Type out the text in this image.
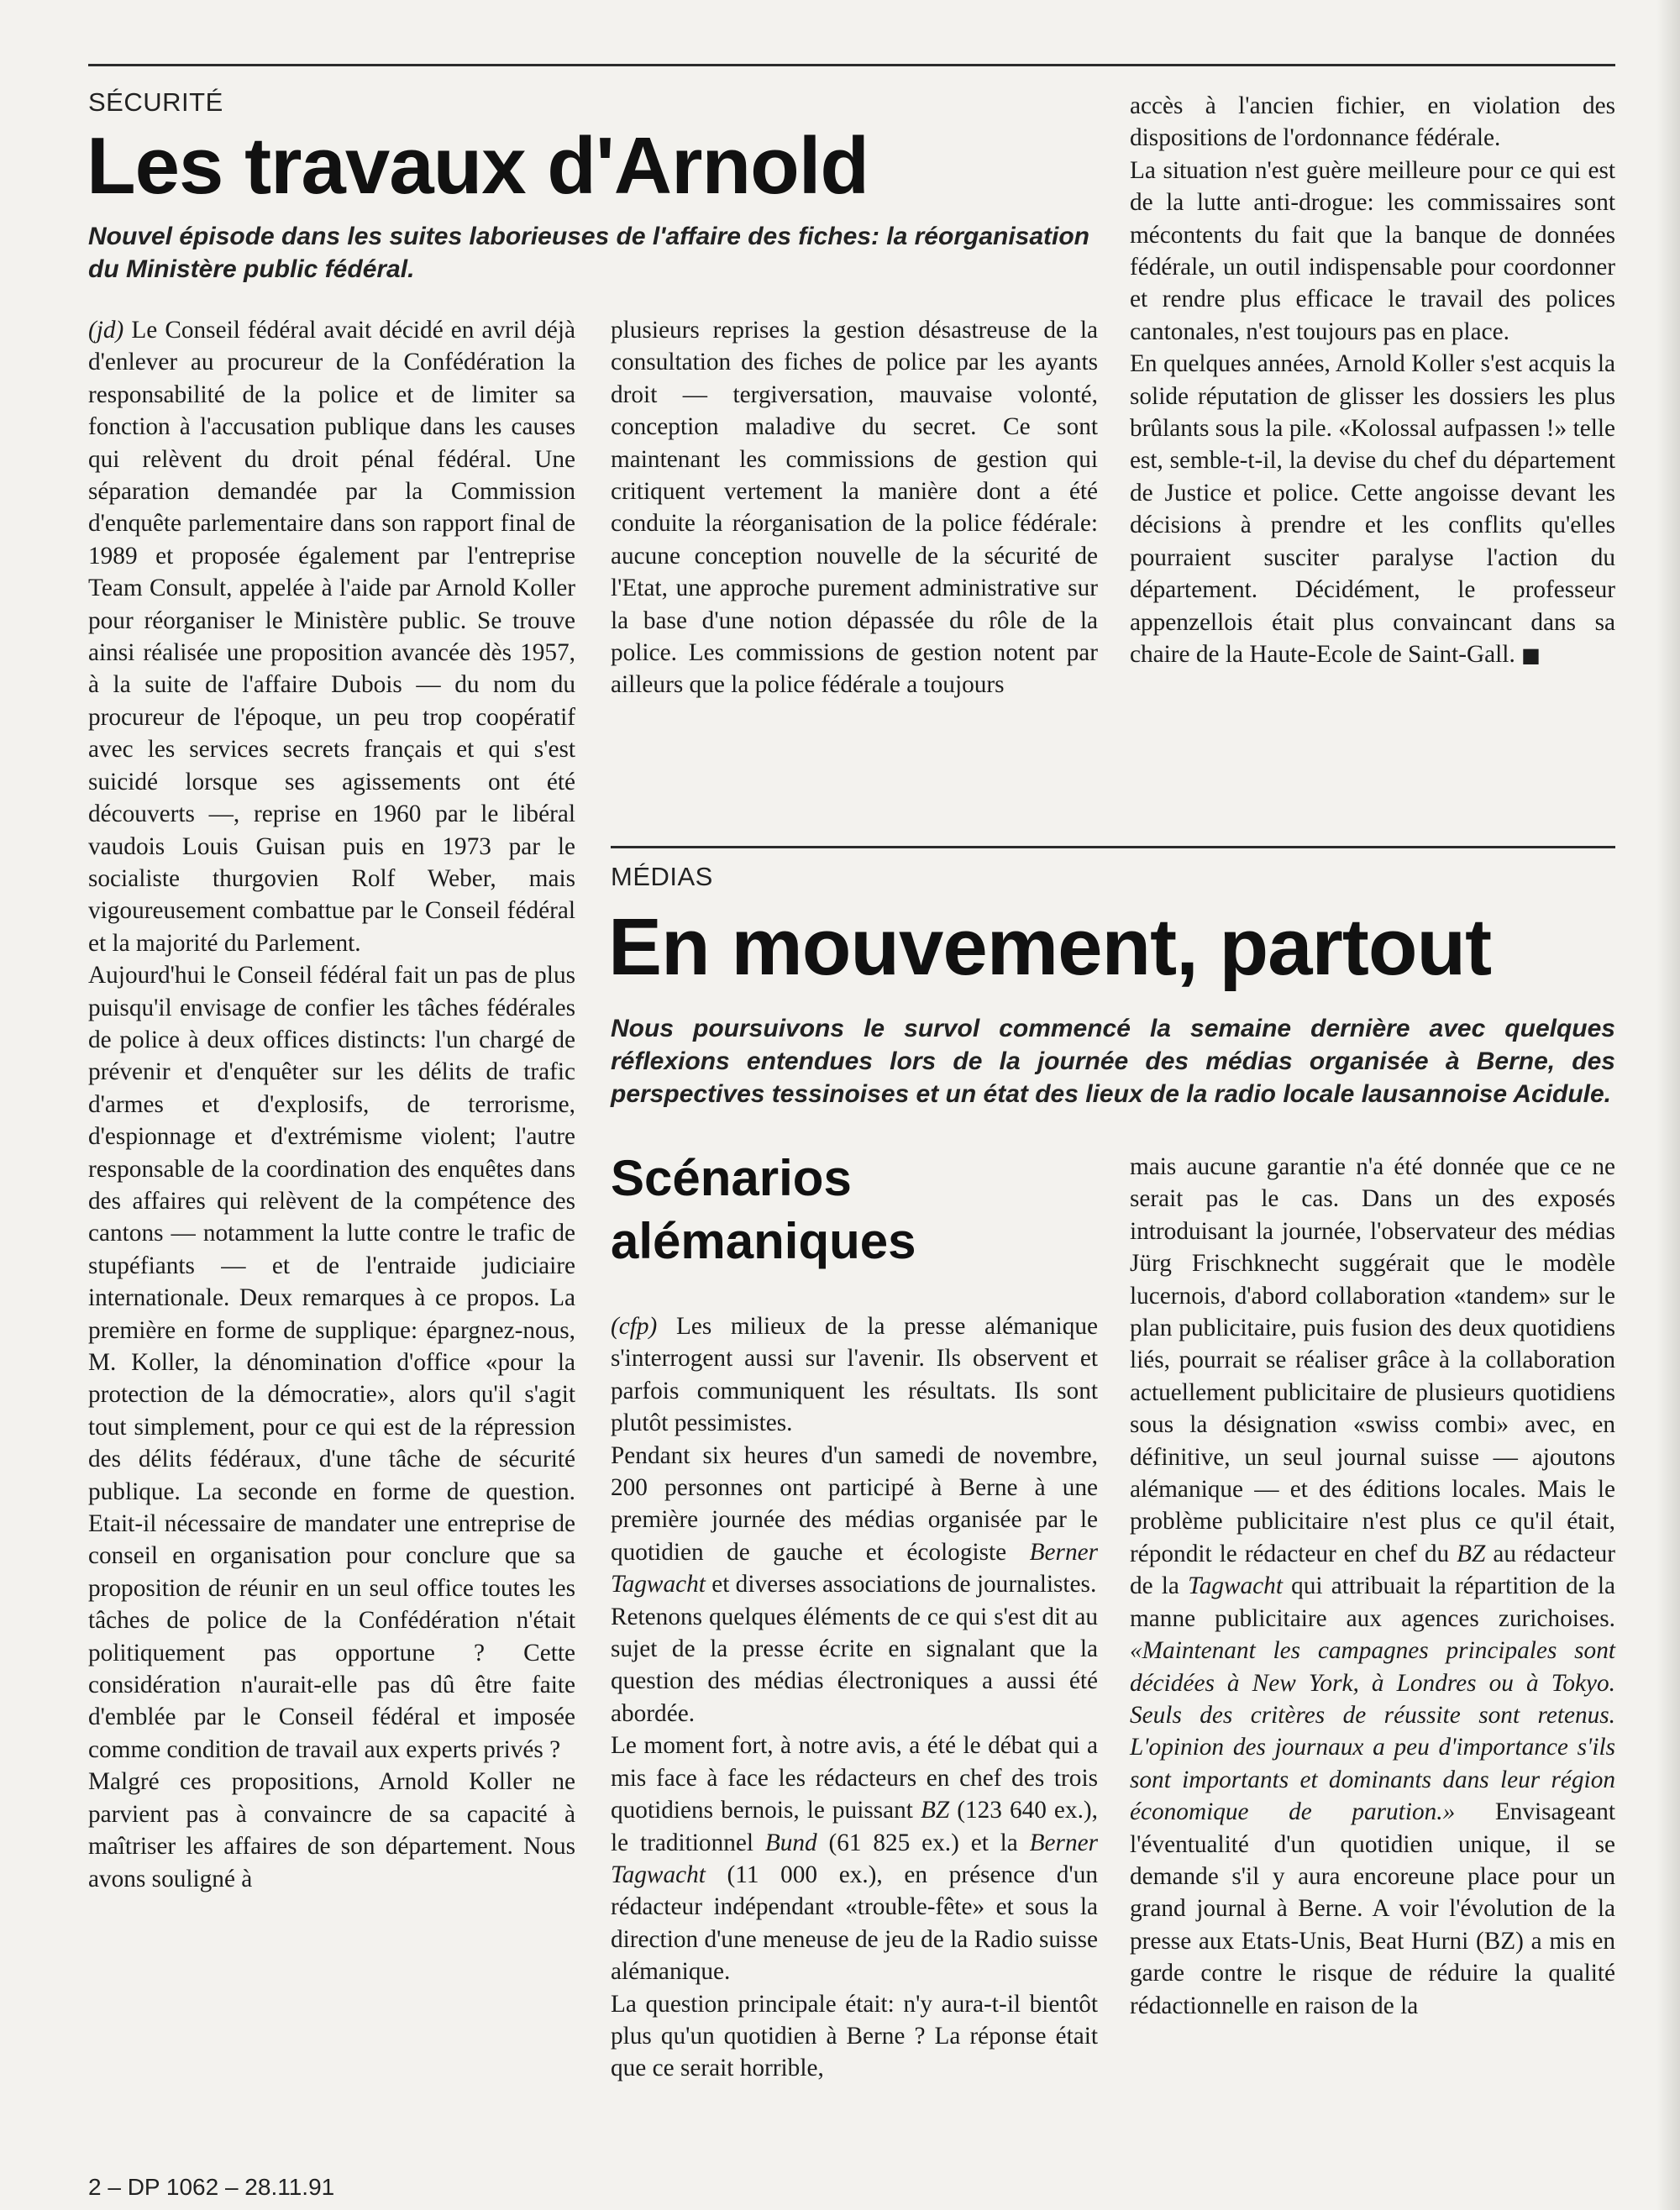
SÉCURITÉ
Les travaux d'Arnold

Nouvel épisode dans les suites laborieuses de l'affaire des fiches: la réorganisation du Ministère public fédéral.

(jd) Le Conseil fédéral avait décidé en avril déjà d'enlever au procureur de la Confédération la responsabilité de la police et de limiter sa fonction à l'accusation publique dans les causes qui relèvent du droit pénal fédéral. Une séparation demandée par la Commission d'enquête parlementaire dans son rapport final de 1989 et proposée également par l'entreprise Team Consult, appelée à l'aide par Arnold Koller pour réorganiser le Ministère public. Se trouve ainsi réalisée une proposition avancée dès 1957, à la suite de l'affaire Dubois — du nom du procureur de l'époque, un peu trop coopératif avec les services secrets français et qui s'est suicidé lorsque ses agissements ont été découverts —, reprise en 1960 par le libéral vaudois Louis Guisan puis en 1973 par le socialiste thurgovien Rolf Weber, mais vigoureusement combattue par le Conseil fédéral et la majorité du Parlement.

Aujourd'hui le Conseil fédéral fait un pas de plus puisqu'il envisage de confier les tâches fédérales de police à deux offices distincts: l'un chargé de prévenir et d'enquêter sur les délits de trafic d'armes et d'explosifs, de terrorisme, d'espionnage et d'extrémisme violent; l'autre responsable de la coordination des enquêtes dans des affaires qui relèvent de la compétence des cantons — notamment la lutte contre le trafic de stupéfiants — et de l'entraide judiciaire internationale. Deux remarques à ce propos. La première en forme de supplique: épargnez-nous, M. Koller, la dénomination d'office «pour la protection de la démocratie», alors qu'il s'agit tout simplement, pour ce qui est de la répression des délits fédéraux, d'une tâche de sécurité publique. La seconde en forme de question. Etait-il nécessaire de mandater une entreprise de conseil en organisation pour conclure que sa proposition de réunir en un seul office toutes les tâches de police de la Confédération n'était politiquement pas opportune ? Cette considération n'aurait-elle pas dû être faite d'emblée par le Conseil fédéral et imposée comme condition de travail aux experts privés ?

Malgré ces propositions, Arnold Koller ne parvient pas à convaincre de sa capacité à maîtriser les affaires de son département. Nous avons souligné à

plusieurs reprises la gestion désastreuse de la consultation des fiches de police par les ayants droit — tergiversation, mauvaise volonté, conception maladive du secret. Ce sont maintenant les commissions de gestion qui critiquent vertement la manière dont a été conduite la réorganisation de la police fédérale: aucune conception nouvelle de la sécurité de l'Etat, une approche purement administrative sur la base d'une notion dépassée du rôle de la police. Les commissions de gestion notent par ailleurs que la police fédérale a toujours

accès à l'ancien fichier, en violation des dispositions de l'ordonnance fédérale.

La situation n'est guère meilleure pour ce qui est de la lutte anti-drogue: les commissaires sont mécontents du fait que la banque de données fédérale, un outil indispensable pour coordonner et rendre plus efficace le travail des polices cantonales, n'est toujours pas en place.

En quelques années, Arnold Koller s'est acquis la solide réputation de glisser les dossiers les plus brûlants sous la pile. «Kolossal aufpassen !» telle est, semble-t-il, la devise du chef du département de Justice et police. Cette angoisse devant les décisions à prendre et les conflits qu'elles pourraient susciter paralyse l'action du département. Décidément, le professeur appenzellois était plus convaincant dans sa chaire de la Haute-Ecole de Saint-Gall. ■

MÉDIAS
En mouvement, partout

Nous poursuivons le survol commencé la semaine dernière avec quelques réflexions entendues lors de la journée des médias organisée à Berne, des perspectives tessinoises et un état des lieux de la radio locale lausannoise Acidule.

Scénarios alémaniques

(cfp) Les milieux de la presse alémanique s'interrogent aussi sur l'avenir. Ils observent et parfois communiquent les résultats. Ils sont plutôt pessimistes.

Pendant six heures d'un samedi de novembre, 200 personnes ont participé à Berne à une première journée des médias organisée par le quotidien de gauche et écologiste Berner Tagwacht et diverses associations de journalistes.

Retenons quelques éléments de ce qui s'est dit au sujet de la presse écrite en signalant que la question des médias électroniques a aussi été abordée.

Le moment fort, à notre avis, a été le débat qui a mis face à face les rédacteurs en chef des trois quotidiens bernois, le puissant BZ (123 640 ex.), le traditionnel Bund (61 825 ex.) et la Berner Tagwacht (11 000 ex.), en présence d'un rédacteur indépendant «trouble-fête» et sous la direction d'une meneuse de jeu de la Radio suisse alémanique.

La question principale était: n'y aura-t-il bientôt plus qu'un quotidien à Berne ? La réponse était que ce serait horrible,

mais aucune garantie n'a été donnée que ce ne serait pas le cas. Dans un des exposés introduisant la journée, l'observateur des médias Jürg Frischknecht suggérait que le modèle lucernois, d'abord collaboration «tandem» sur le plan publicitaire, puis fusion des deux quotidiens liés, pourrait se réaliser grâce à la collaboration actuellement publicitaire de plusieurs quotidiens sous la désignation «swiss combi» avec, en définitive, un seul journal suisse — ajoutons alémanique — et des éditions locales. Mais le problème publicitaire n'est plus ce qu'il était, répondit le rédacteur en chef du BZ au rédacteur de la Tagwacht qui attribuait la répartition de la manne publicitaire aux agences zurichoises. «Maintenant les campagnes principales sont décidées à New York, à Londres ou à Tokyo. Seuls des critères de réussite sont retenus. L'opinion des journaux a peu d'importance s'ils sont importants et dominants dans leur région économique de parution.» Envisageant l'éventualité d'un quotidien unique, il se demande s'il y aura encoreune place pour un grand journal à Berne. A voir l'évolution de la presse aux Etats-Unis, Beat Hurni (BZ) a mis en garde contre le risque de réduire la qualité rédactionnelle en raison de la

2 – DP 1062 – 28.11.91
